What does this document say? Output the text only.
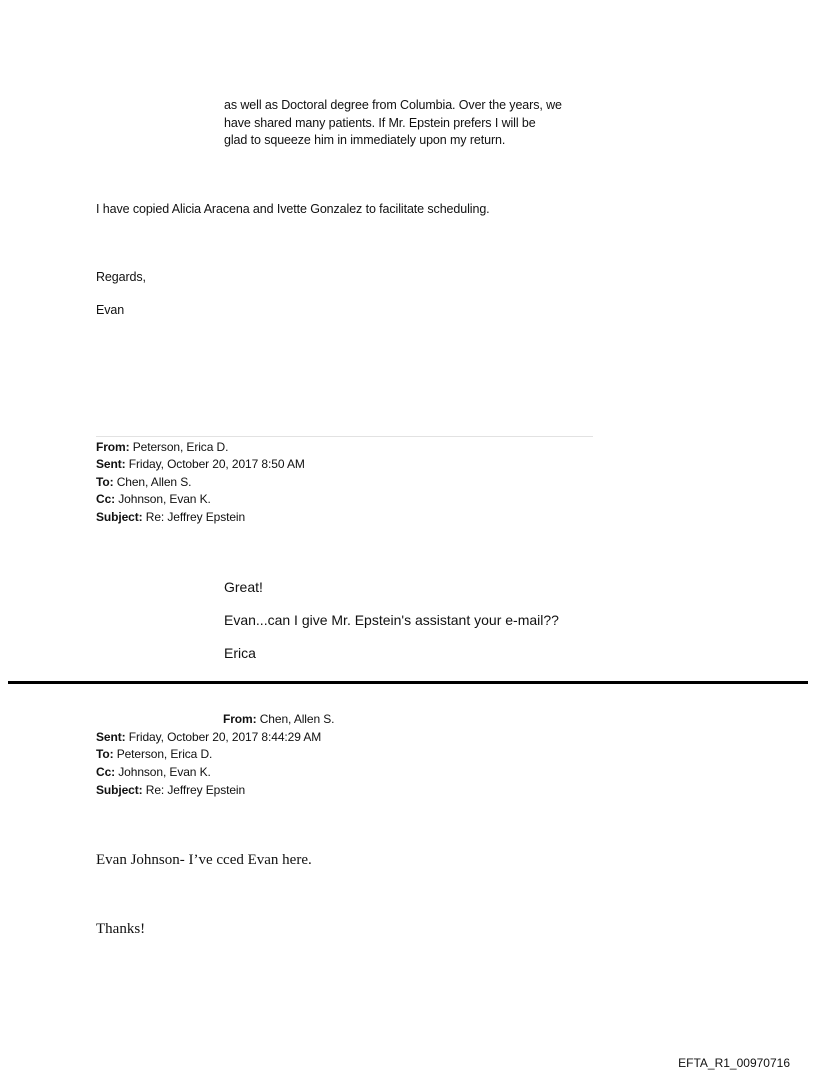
as well as Doctoral degree from Columbia. Over the years, we

have shared many patients. If Mr. Epstein prefers I will be

glad to squeeze him in immediately upon my return.

I have copied Alicia Aracena and Ivette Gonzalez to facilitate scheduling.

Regards,

Evan

From: Peterson, Erica D.

Sent: Friday, October 20, 2017 8:50 AM

To: Chen, Allen S.

Cc: Johnson, Evan K.

Subject: Re: Jeffrey Epstein

Great!

Evan...can I give Mr. Epstein's assistant your e-mail??

Erica

From: Chen, Allen S.

Sent: Friday, October 20, 2017 8:44:29 AM

To: Peterson, Erica D.

Cc: Johnson, Evan K.

Subject: Re: Jeffrey Epstein

Evan Johnson- I’ve cced Evan here.

Thanks!

EFTA_R1_00970716
